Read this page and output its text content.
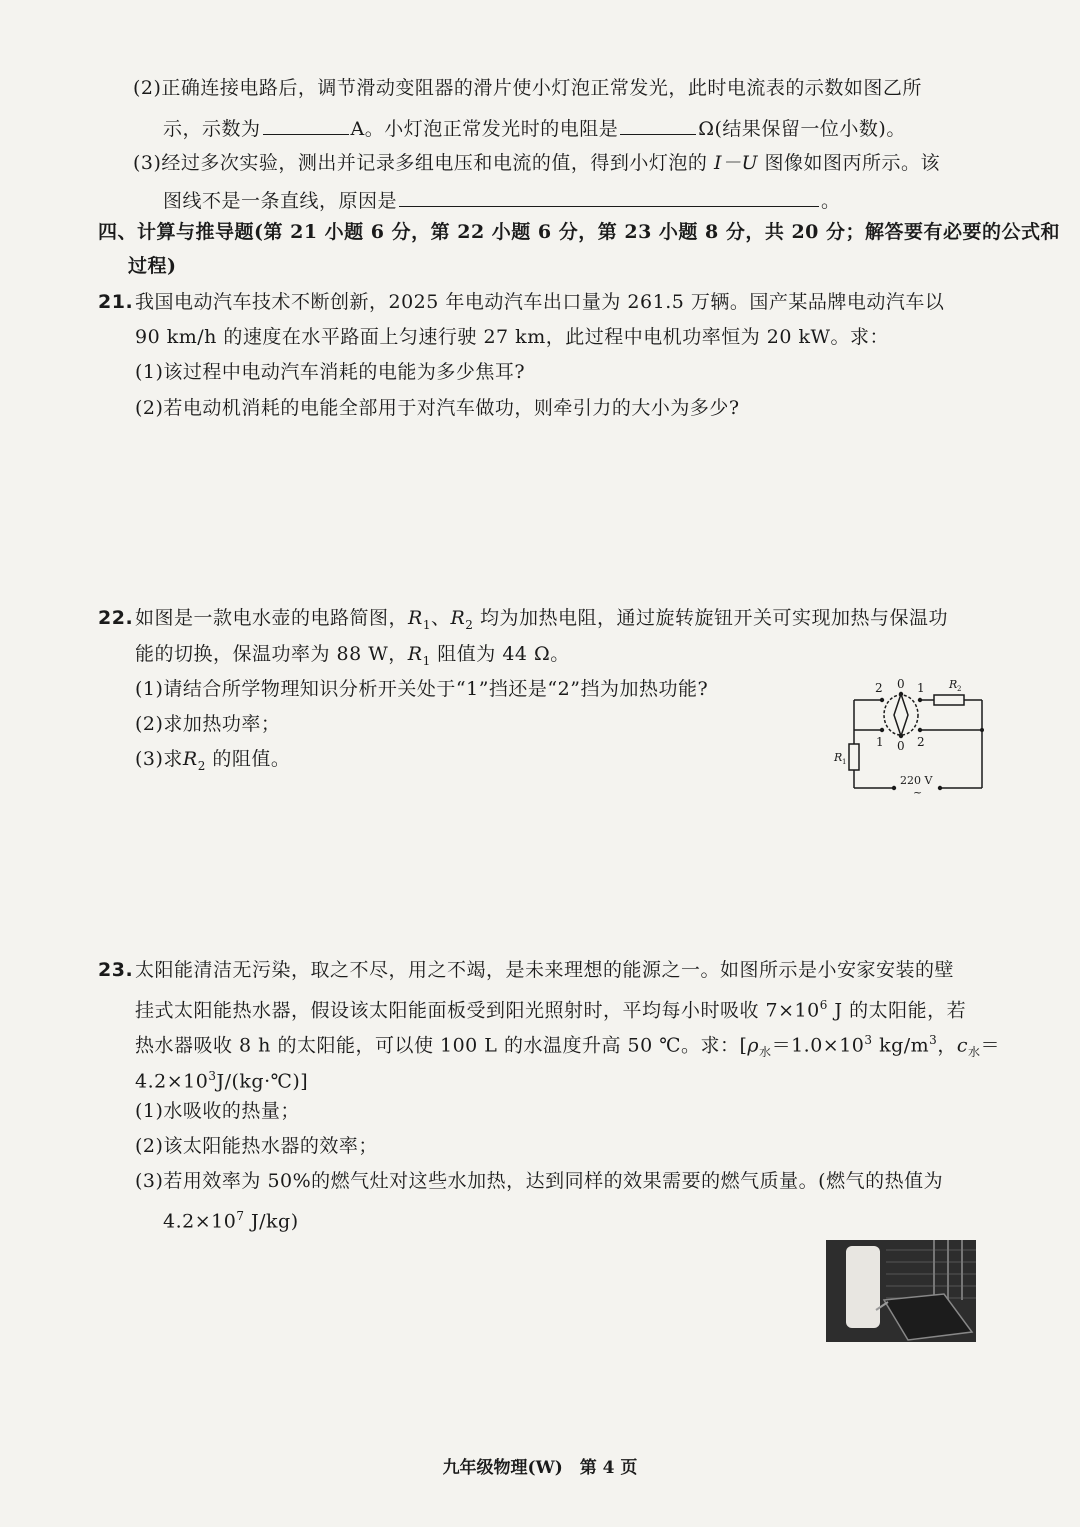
(2)正确连接电路后，调节滑动变阻器的滑片使小灯泡正常发光，此时电流表的示数如图乙所
示，示数为	A。小灯泡正常发光时的电阻是	Ω(结果保留一位小数)。
(3)经过多次实验，测出并记录多组电压和电流的值，得到小灯泡的 I－U 图像如图丙所示。该
图线不是一条直线，原因是	。
四、计算与推导题(第 21 小题 6 分，第 22 小题 6 分，第 23 小题 8 分，共 20 分；解答要有必要的公式和
过程)
21. 我国电动汽车技术不断创新，2025 年电动汽车出口量为 261.5 万辆。国产某品牌电动汽车以
90 km/h 的速度在水平路面上匀速行驶 27 km，此过程中电机功率恒为 20 kW。求：
(1)该过程中电动汽车消耗的电能为多少焦耳?
(2)若电动机消耗的电能全部用于对汽车做功，则牵引力的大小为多少?
22. 如图是一款电水壶的电路简图，$R_1$、$R_2$ 均为加热电阻，通过旋转旋钮开关可实现加热与保温功
能的切换，保温功率为 88 W，$R_1$ 阻值为 44 Ω。
(1)请结合所学物理知识分析开关处于“1”挡还是“2”挡为加热功能?
(2)求加热功率；
(3)求$R_2$ 的阻值。
2 0 1
1 0 2
R 2
R 1
220 V
~
23. 太阳能清洁无污染，取之不尽，用之不竭，是未来理想的能源之一。如图所示是小安家安装的壁
挂式太阳能热水器，假设该太阳能面板受到阳光照射时，平均每小时吸收 $7\times 10^6$ J 的太阳能，若
热水器吸收 8 h 的太阳能，可以使 100 L 的水温度升高 50 ℃。求：[$\rho_水=1.0\times 10^3$ $kg/m^3$，$c_水=$
$4.2\times 10^3J/(kg\cdot℃)$]
(1)水吸收的热量；
(2)该太阳能热水器的效率；
(3)若用效率为 50%的燃气灶对这些水加热，达到同样的效果需要的燃气质量。(燃气的热值为
$4.2\times 10^7$ J/kg)
九年级物理(W)　第 4 页
